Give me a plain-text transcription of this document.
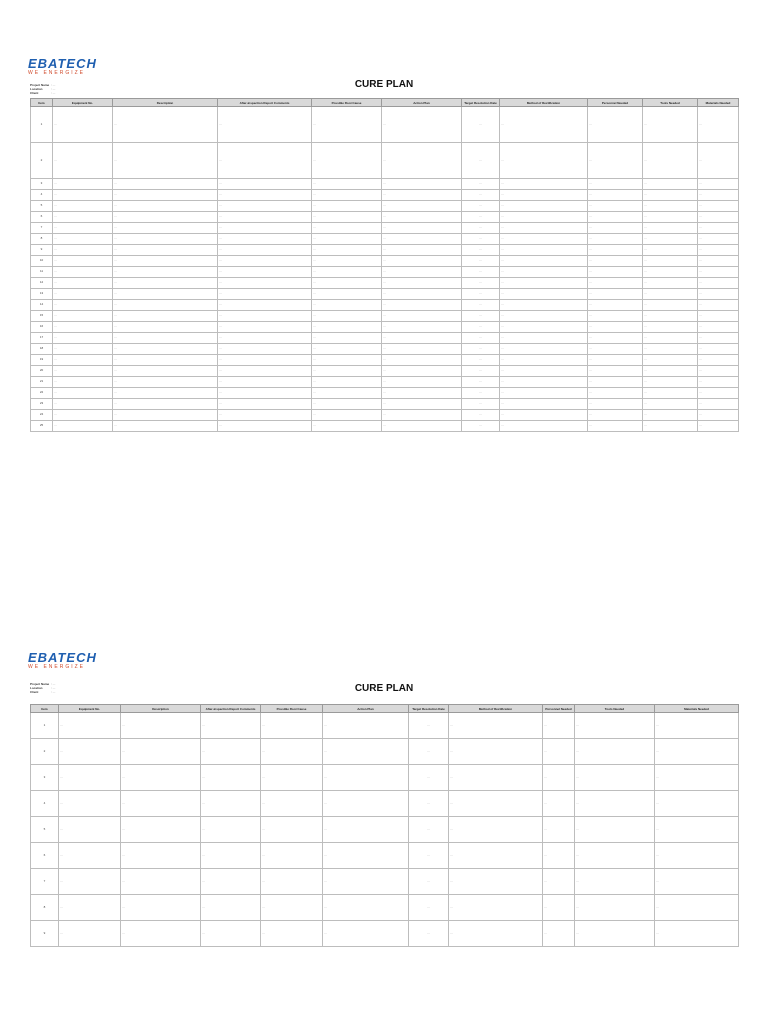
EBATECH
WE ENERGIZE
Project Name : …
Location	: …
Client	: …
CURE PLAN
Item	Equipment No.	Description	After-inspection Report Comments	Possible Root Cause	Action Plan	Target Resolution Date	Method of Rectification	Personnel Needed	Tools Needed	Materials Needed
1	…	…	…	…	…	…	…	…	…	…
2	…	…	…	…	…	…	…	…	…	…
3	…	…	…	…	…	…	…	…	…	…
4	…	…	…	…	…	…	…	…	…	…
5	…	…	…	…	…	…	…	…	…	…
6	…	…	…	…	…	…	…	…	…	…
7	…	…	…	…	…	…	…	…	…	…
8	…	…	…	…	…	…	…	…	…	…
9	…	…	…	…	…	…	…	…	…	…
10	…	…	…	…	…	…	…	…	…	…
11	…	…	…	…	…	…	…	…	…	…
12	…	…	…	…	…	…	…	…	…	…
13	…	…	…	…	…	…	…	…	…	…
14	…	…	…	…	…	…	…	…	…	…
15	…	…	…	…	…	…	…	…	…	…
16	…	…	…	…	…	…	…	…	…	…
17	…	…	…	…	…	…	…	…	…	…
18	…	…	…	…	…	…	…	…	…	…
19	…	…	…	…	…	…	…	…	…	…
20	…	…	…	…	…	…	…	…	…	…
21	…	…	…	…	…	…	…	…	…	…
22	…	…	…	…	…	…	…	…	…	…
23	…	…	…	…	…	…	…	…	…	…
24	…	…	…	…	…	…	…	…	…	…
25	…	…	…	…	…	…	…	…	…	…
EBATECH
WE ENERGIZE
Project Name : …
Location	: …
Client	: …	CURE PLAN
Item	Equipment No.	Description	After-inspection Report Comments	Possible Root Cause	Action Plan	Target Resolution Date	Method of Rectification	Personnel Needed	Tools Needed	Materials Needed
1	…	…	…	…	…	…	…	…	…	…
2	…	…	…	…	…	…	…	…	…	…
3	…	…	…	…	…	…	…	…	…	…
4	…	…	…	…	…	…	…	…	…	…
5	…	…	…	…	…	…	…	…	…	…
6	…	…	…	…	…	…	…	…	…	…
7	…	…	…	…	…	…	…	…	…	…
8	…	…	…	…	…	…	…	…	…	…
9	…	…	…	…	…	…	…	…	…	…
